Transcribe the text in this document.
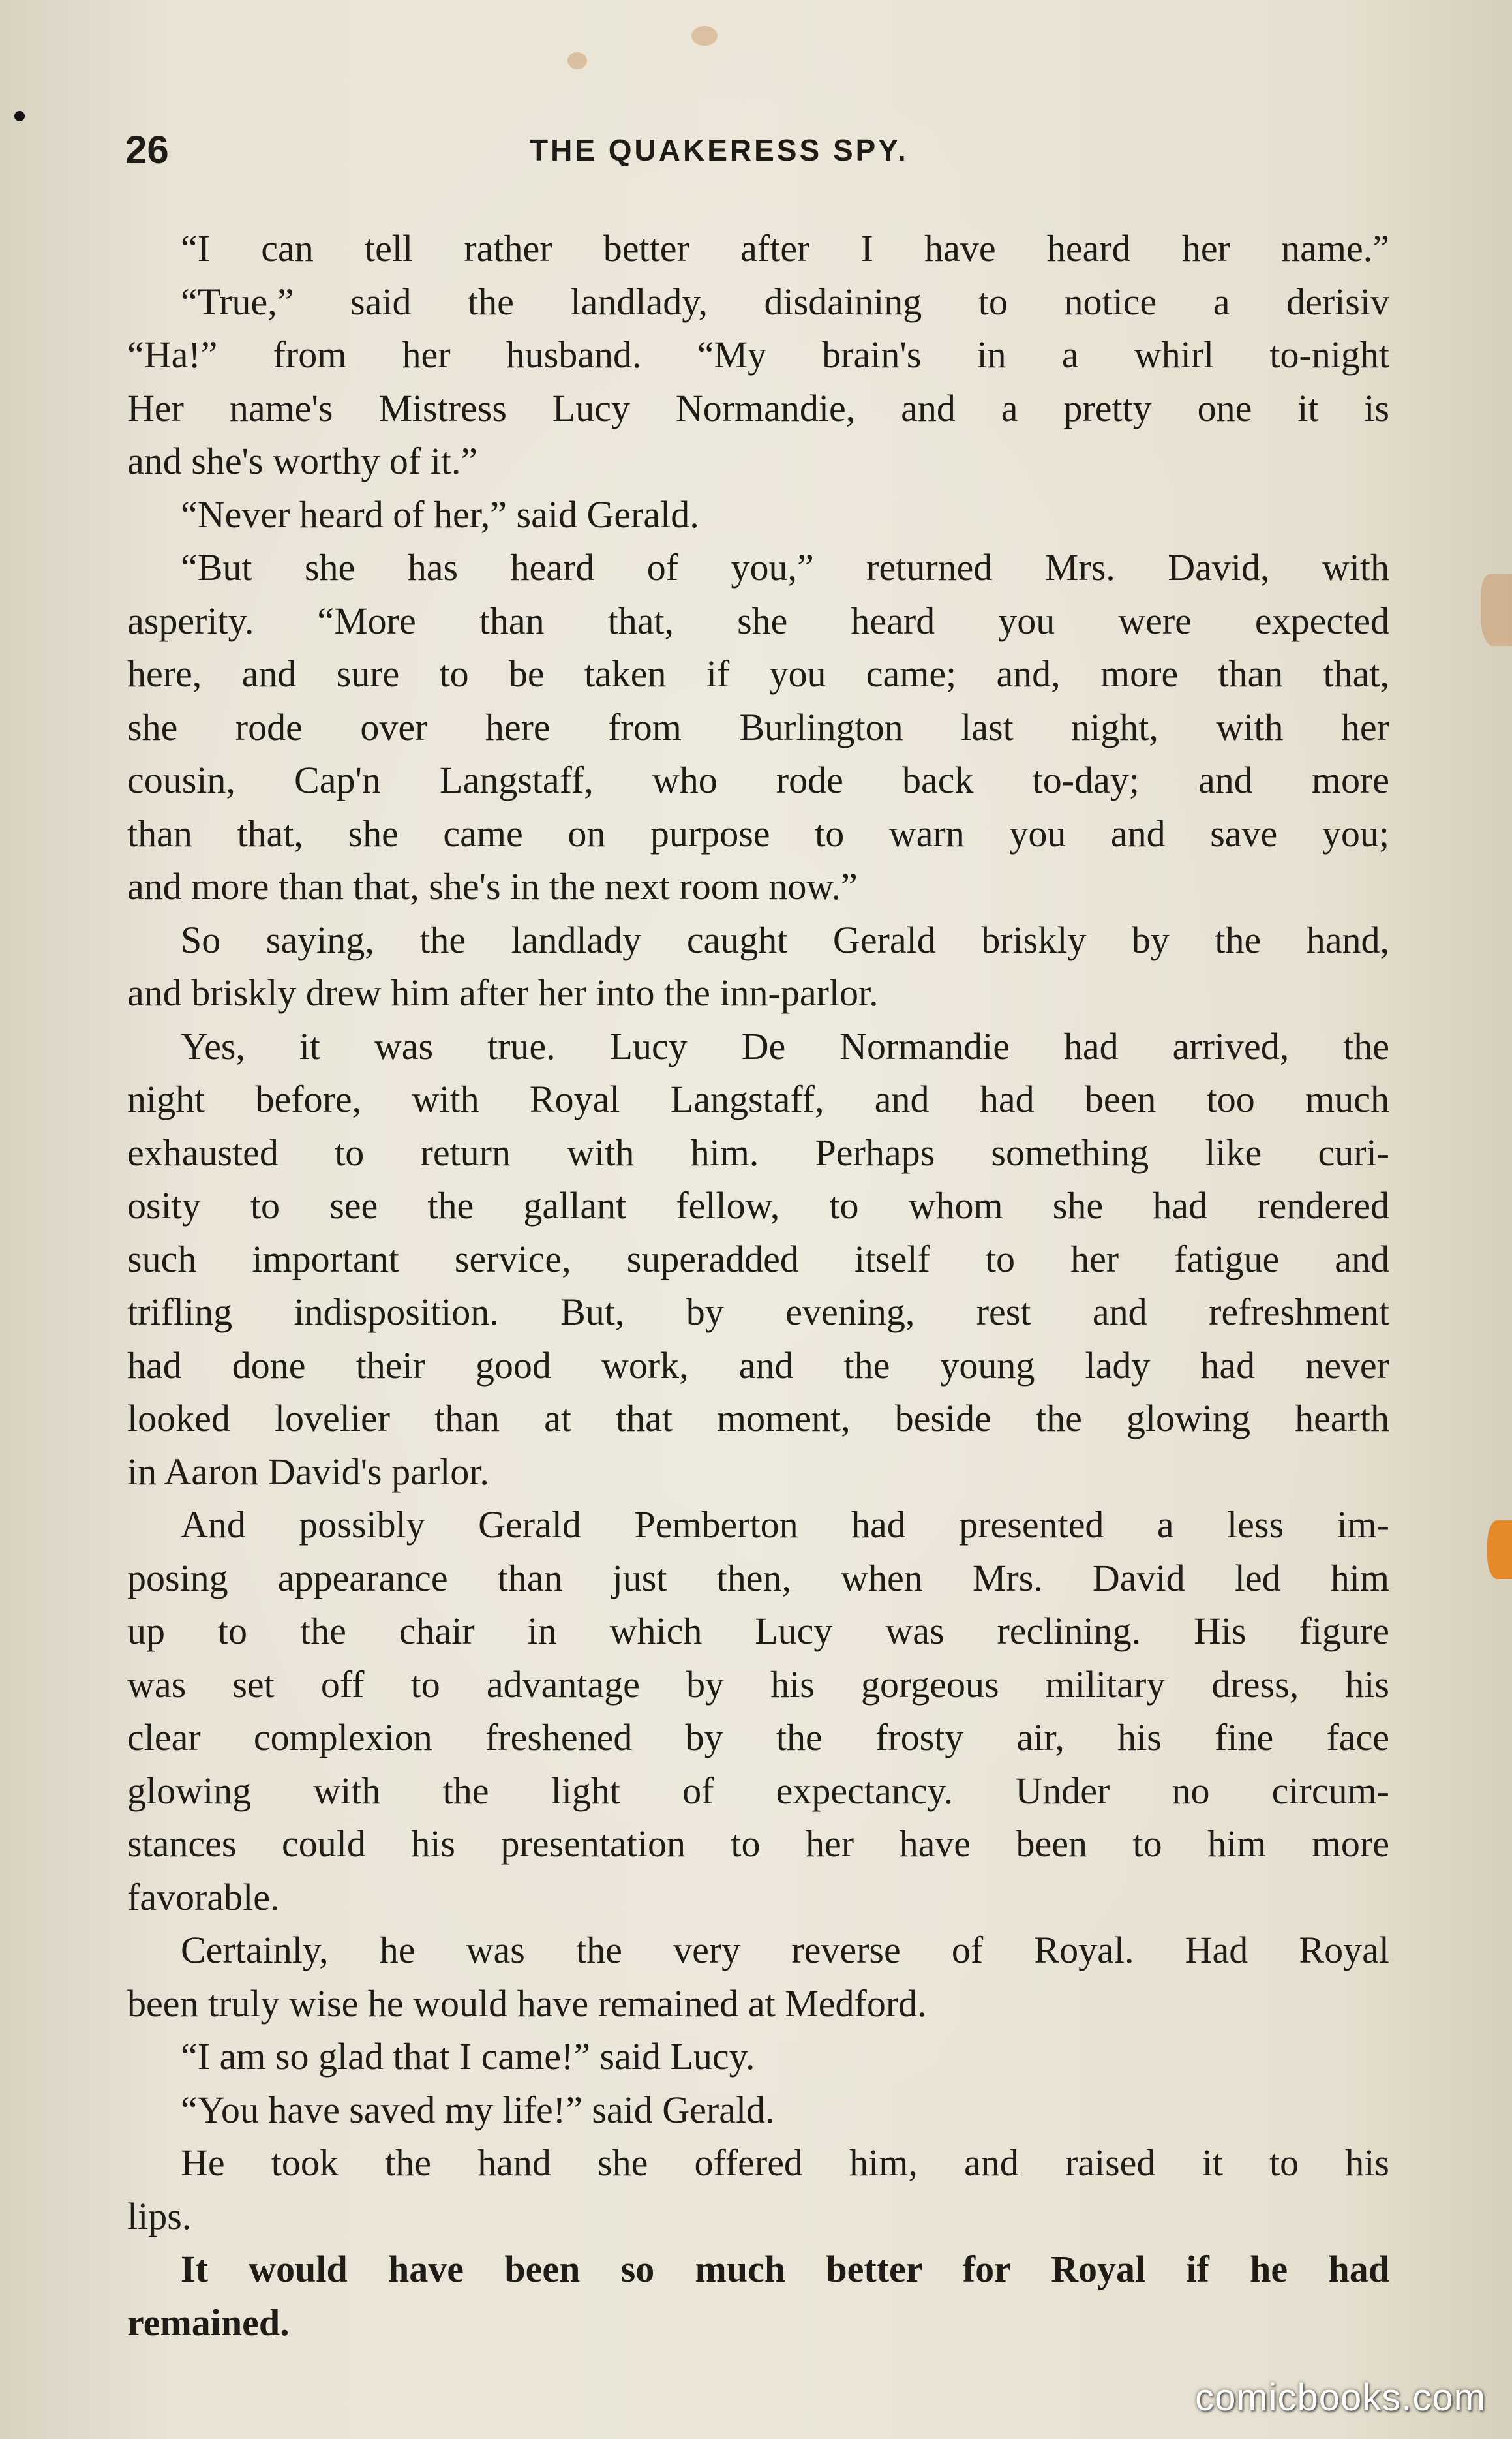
26	THE QUAKERESS SPY.
“I can tell rather better after I have heard her name.”
“True,” said the landlady, disdaining to notice a derisiv
“Ha!” from her husband. “My brain's in a whirl to-night
Her name's Mistress Lucy Normandie, and a pretty one it is
and she's worthy of it.”
“Never heard of her,” said Gerald.
“But she has heard of you,” returned Mrs. David, with
asperity. “More than that, she heard you were expected
here, and sure to be taken if you came; and, more than that,
she rode over here from Burlington last night, with her
cousin, Cap'n Langstaff, who rode back to-day; and more
than that, she came on purpose to warn you and save you;
and more than that, she's in the next room now.”
So saying, the landlady caught Gerald briskly by the hand,
and briskly drew him after her into the inn-parlor.
Yes, it was true. Lucy De Normandie had arrived, the
night before, with Royal Langstaff, and had been too much
exhausted to return with him. Perhaps something like curi-
osity to see the gallant fellow, to whom she had rendered
such important service, superadded itself to her fatigue and
trifling indisposition. But, by evening, rest and refreshment
had done their good work, and the young lady had never
looked lovelier than at that moment, beside the glowing hearth
in Aaron David's parlor.
And possibly Gerald Pemberton had presented a less im-
posing appearance than just then, when Mrs. David led him
up to the chair in which Lucy was reclining. His figure
was set off to advantage by his gorgeous military dress, his
clear complexion freshened by the frosty air, his fine face
glowing with the light of expectancy. Under no circum-
stances could his presentation to her have been to him more
favorable.
Certainly, he was the very reverse of Royal. Had Royal
been truly wise he would have remained at Medford.
“I am so glad that I came!” said Lucy.
“You have saved my life!” said Gerald.
He took the hand she offered him, and raised it to his
lips.
It would have been so much better for Royal if he had
remained.
comicbooks.com
